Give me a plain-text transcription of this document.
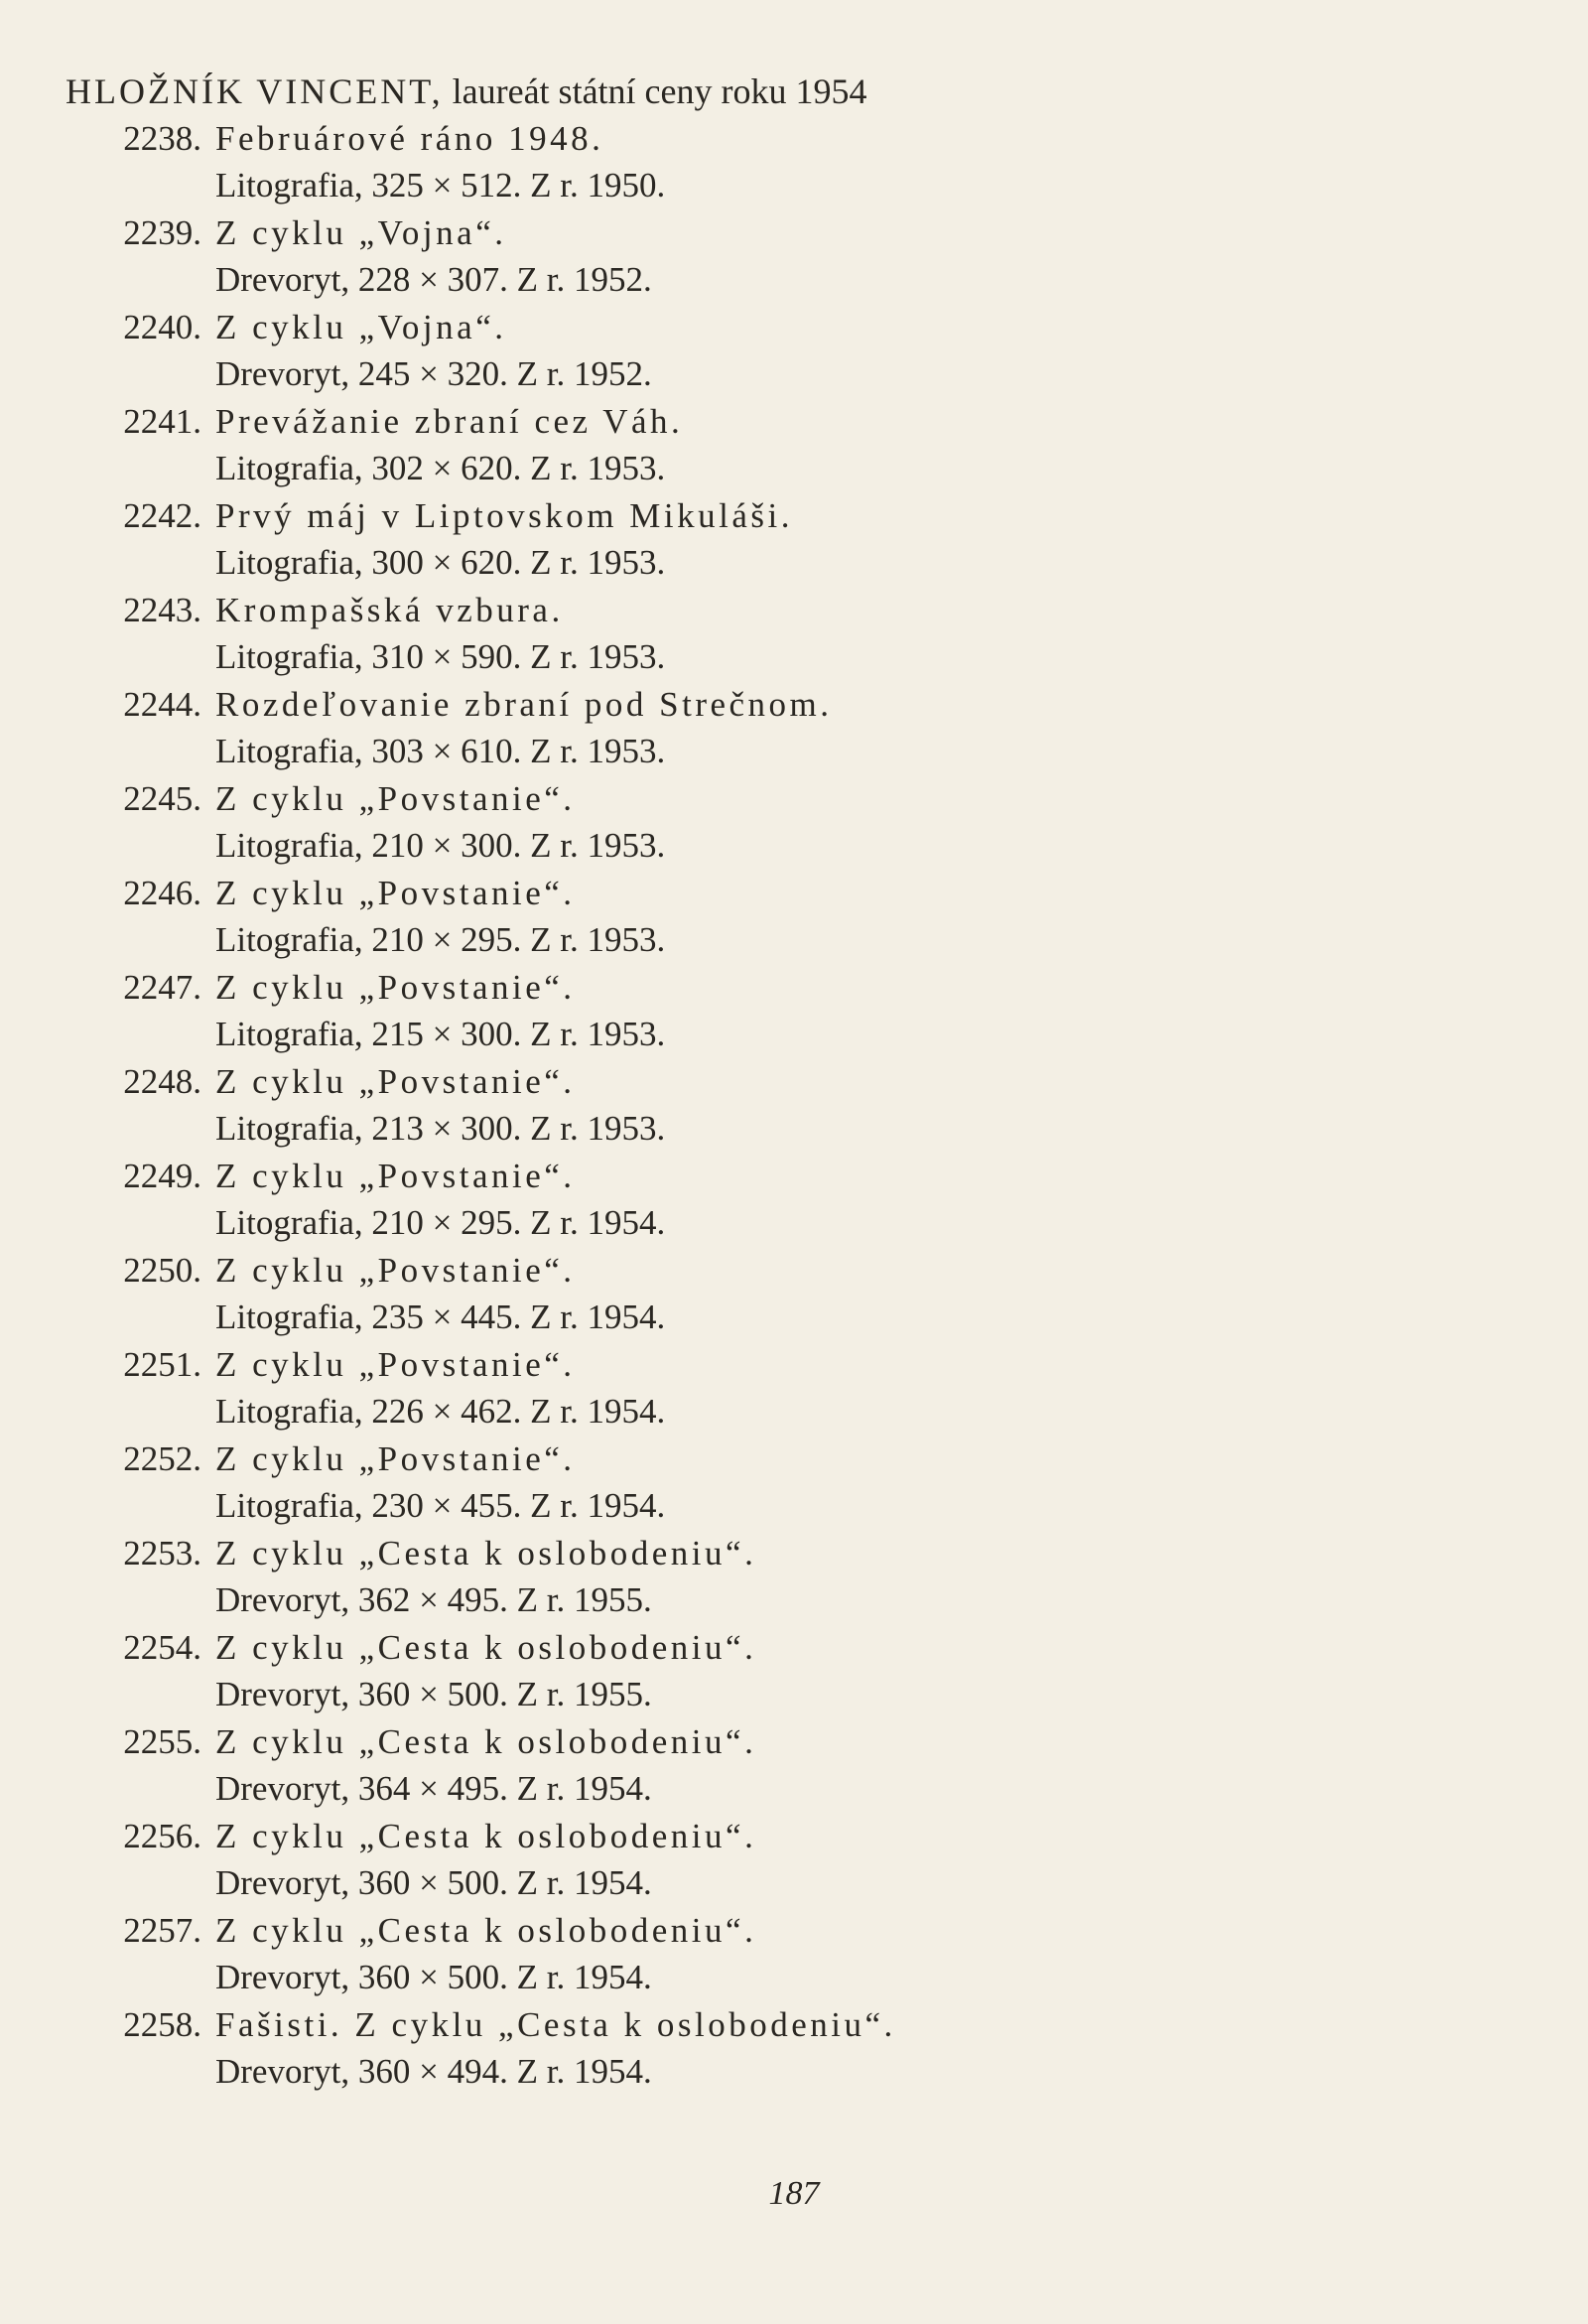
HLOŽNÍK VINCENT, laureát státní ceny roku 1954
2238. Februárové ráno 1948.
Litografia, 325 × 512. Z r. 1950.
2239. Z cyklu „Vojna“.
Drevoryt, 228 × 307. Z r. 1952.
2240. Z cyklu „Vojna“.
Drevoryt, 245 × 320. Z r. 1952.
2241. Prevážanie zbraní cez Váh.
Litografia, 302 × 620. Z r. 1953.
2242. Prvý máj v Liptovskom Mikuláši.
Litografia, 300 × 620. Z r. 1953.
2243. Krompašská vzbura.
Litografia, 310 × 590. Z r. 1953.
2244. Rozdeľovanie zbraní pod Strečnom.
Litografia, 303 × 610. Z r. 1953.
2245. Z cyklu „Povstanie“.
Litografia, 210 × 300. Z r. 1953.
2246. Z cyklu „Povstanie“.
Litografia, 210 × 295. Z r. 1953.
2247. Z cyklu „Povstanie“.
Litografia, 215 × 300. Z r. 1953.
2248. Z cyklu „Povstanie“.
Litografia, 213 × 300. Z r. 1953.
2249. Z cyklu „Povstanie“.
Litografia, 210 × 295. Z r. 1954.
2250. Z cyklu „Povstanie“.
Litografia, 235 × 445. Z r. 1954.
2251. Z cyklu „Povstanie“.
Litografia, 226 × 462. Z r. 1954.
2252. Z cyklu „Povstanie“.
Litografia, 230 × 455. Z r. 1954.
2253. Z cyklu „Cesta k oslobodeniu“.
Drevoryt, 362 × 495. Z r. 1955.
2254. Z cyklu „Cesta k oslobodeniu“.
Drevoryt, 360 × 500. Z r. 1955.
2255. Z cyklu „Cesta k oslobodeniu“.
Drevoryt, 364 × 495. Z r. 1954.
2256. Z cyklu „Cesta k oslobodeniu“.
Drevoryt, 360 × 500. Z r. 1954.
2257. Z cyklu „Cesta k oslobodeniu“.
Drevoryt, 360 × 500. Z r. 1954.
2258. Fašisti. Z cyklu „Cesta k oslobodeniu“.
Drevoryt, 360 × 494. Z r. 1954.
187
